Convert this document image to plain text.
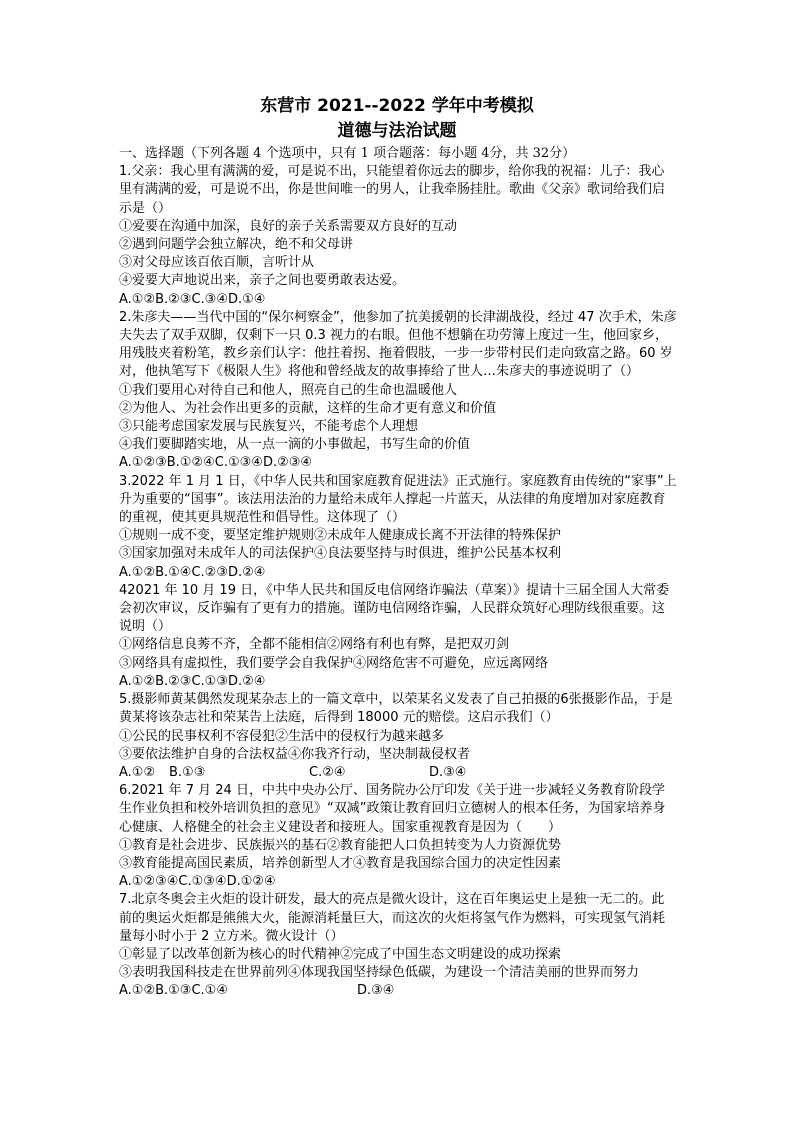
东营市 2021--2022 学年中考模拟
道德与法治试题
一、选择题（下列各题 4 个选项中，只有 1 项合题落：每小题 4分，共 32分）
1.父亲：我心里有满满的爱，可是说不出，只能望着你远去的脚步，给你我的祝福：儿子：我心里有满满的爱，可是说不出，你是世间唯一的男人，让我牵肠挂肚。歌曲《父亲》歌词给我们启示是（）
①爱要在沟通中加深，良好的亲子关系需要双方良好的互动
②遇到问题学会独立解决，绝不和父母讲
③对父母应该百依百顺，言听计从
④爱要大声地说出来，亲子之间也要勇敢表达爱。
A.①②B.②③C.③④D.①④
2.朱彦夫——当代中国的“保尔柯察金”，他参加了抗美援朝的长津湖战役，经过 47 次手术，朱彦夫失去了双手双脚，仅剩下一只 0.3 视力的右眼。但他不想躺在功劳簿上度过一生，他回家乡，用残肢夹着粉笔，教乡亲们认字：他拄着拐、拖着假肢，一步一步带村民们走向致富之路。60 岁对，他执笔写下《极限人生》将他和曾经战友的故事捧给了世人…朱彦夫的事迹说明了（）
①我们要用心对待自己和他人，照亮自己的生命也温暖他人
②为他人、为社会作出更多的贡献，这样的生命才更有意义和价值
③只能考虑国家发展与民族复兴，不能考虑个人理想
④我们要脚踏实地，从一点一滴的小事做起，书写生命的价值
A.①②③B.①②④C.①③④D.②③④
3.2022 年 1 月 1 日，《中华人民共和国家庭教育促进法》正式施行。家庭教育由传统的“家事”上升为重要的“国事”。该法用法治的力量给未成年人撑起一片蓝天，从法律的角度增加对家庭教育的重视，使其更具规范性和倡导性。这体现了（）
①规则一成不变，要坚定维护规则②未成年人健康成长离不开法律的特殊保护
③国家加强对未成年人的司法保护④良法要坚持与时俱进，维护公民基本权利
A.①②B.①④C.②③D.②④
42021 年 10 月 19 日，《中华人民共和国反电信网络诈骗法（草案）》提请十三届全国人大常委会初次审议，反诈骗有了更有力的措施。谨防电信网络诈骗，人民群众筑好心理防线很重要。这说明（）
①网络信息良莠不齐，全都不能相信②网络有利也有弊，是把双刃剑
③网络具有虚拟性，我们要学会自我保护④网络危害不可避免，应远离网络
A.①②B.②③C.①③D.②④
5.摄影师黄某偶然发现某杂志上的一篇文章中，以荣某名义发表了自己拍摄的6张摄影作品，于是黄某将该杂志社和荣某告上法庭，后得到 18000 元的赔偿。这启示我们（）
①公民的民事权利不容侵犯②生活中的侵权行为越来越多
③要依法维护自身的合法权益④你我齐行动，坚决制裁侵权者
A.①②	B.①③	C.②④	D.③④
6.2021 年 7 月 24 日，中共中央办公厅、国务院办公厅印发《关于进一步减轻义务教育阶段学生作业负担和校外培训负担的意见》“双减”政策让教育回归立德树人的根本任务，为国家培养身心健康、人格健全的社会主义建设者和接班人。国家重视教育是因为（　　）
①教育是社会进步、民族振兴的基石②教育能把人口负担转变为人力资源优势
③教育能提高国民素质，培养创新型人才④教育是我国综合国力的决定性因素
A.①②③④C.①③④D.①②④
7.北京冬奥会主火炬的设计研发，最大的亮点是微火设计，这在百年奥运史上是独一无二的。此前的奥运火炬都是熊熊大火，能源消耗量巨大，而这次的火炬将氢气作为燃料，可实现氢气消耗量每小时小于 2 立方米。微火设计（）
①彰显了以改革创新为核心的时代精神②完成了中国生态文明建设的成功探索
③表明我国科技走在世界前列④体现我国坚持绿色低碳，为建设一个清洁美丽的世界而努力
A.①②B.①③C.①④	D.③④
